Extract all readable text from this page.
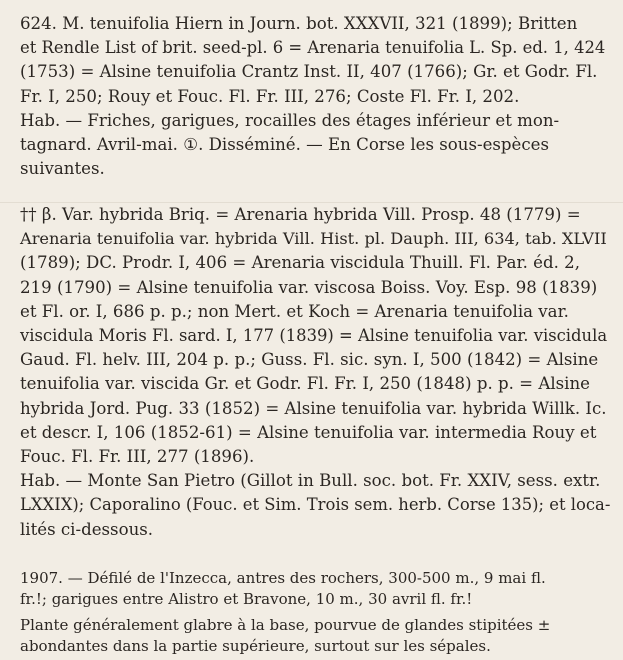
624. M. tenuifolia Hiern in Journ. bot. XXXVII, 321 (1899); Britten
et Rendle List of brit. seed-pl. 6 = Arenaria tenuifolia L. Sp. ed. 1, 424
(1753) = Alsine tenuifolia Crantz Inst. II, 407 (1766); Gr. et Godr. Fl.
Fr. I, 250; Rouy et Fouc. Fl. Fr. III, 276; Coste Fl. Fr. I, 202.
Hab. — Friches, garigues, rocailles des étages inférieur et mon-
tagnard. Avril-mai. ①. Disséminé. — En Corse les sous-espèces
suivantes.
†† β. Var. hybrida Briq. = Arenaria hybrida Vill. Prosp. 48 (1779) =
Arenaria tenuifolia var. hybrida Vill. Hist. pl. Dauph. III, 634, tab. XLVII
(1789); DC. Prodr. I, 406 = Arenaria viscidula Thuill. Fl. Par. éd. 2,
219 (1790) = Alsine tenuifolia var. viscosa Boiss. Voy. Esp. 98 (1839)
et Fl. or. I, 686 p. p.; non Mert. et Koch = Arenaria tenuifolia var.
viscidula Moris Fl. sard. I, 177 (1839) = Alsine tenuifolia var. viscidula
Gaud. Fl. helv. III, 204 p. p.; Guss. Fl. sic. syn. I, 500 (1842) = Alsine
tenuifolia var. viscida Gr. et Godr. Fl. Fr. I, 250 (1848) p. p. = Alsine
hybrida Jord. Pug. 33 (1852) = Alsine tenuifolia var. hybrida Willk. Ic.
et descr. I, 106 (1852-61) = Alsine tenuifolia var. intermedia Rouy et
Fouc. Fl. Fr. III, 277 (1896).
Hab. — Monte San Pietro (Gillot in Bull. soc. bot. Fr. XXIV, sess. extr.
LXXIX); Caporalino (Fouc. et Sim. Trois sem. herb. Corse 135); et loca-
lités ci-dessous.
1907. — Défilé de l'Inzecca, antres des rochers, 300-500 m., 9 mai fl.
fr.!; garigues entre Alistro et Bravone, 10 m., 30 avril fl. fr.!
Plante généralement glabre à la base, pourvue de glandes stipitées ±
abondantes dans la partie supérieure, surtout sur les sépales.
